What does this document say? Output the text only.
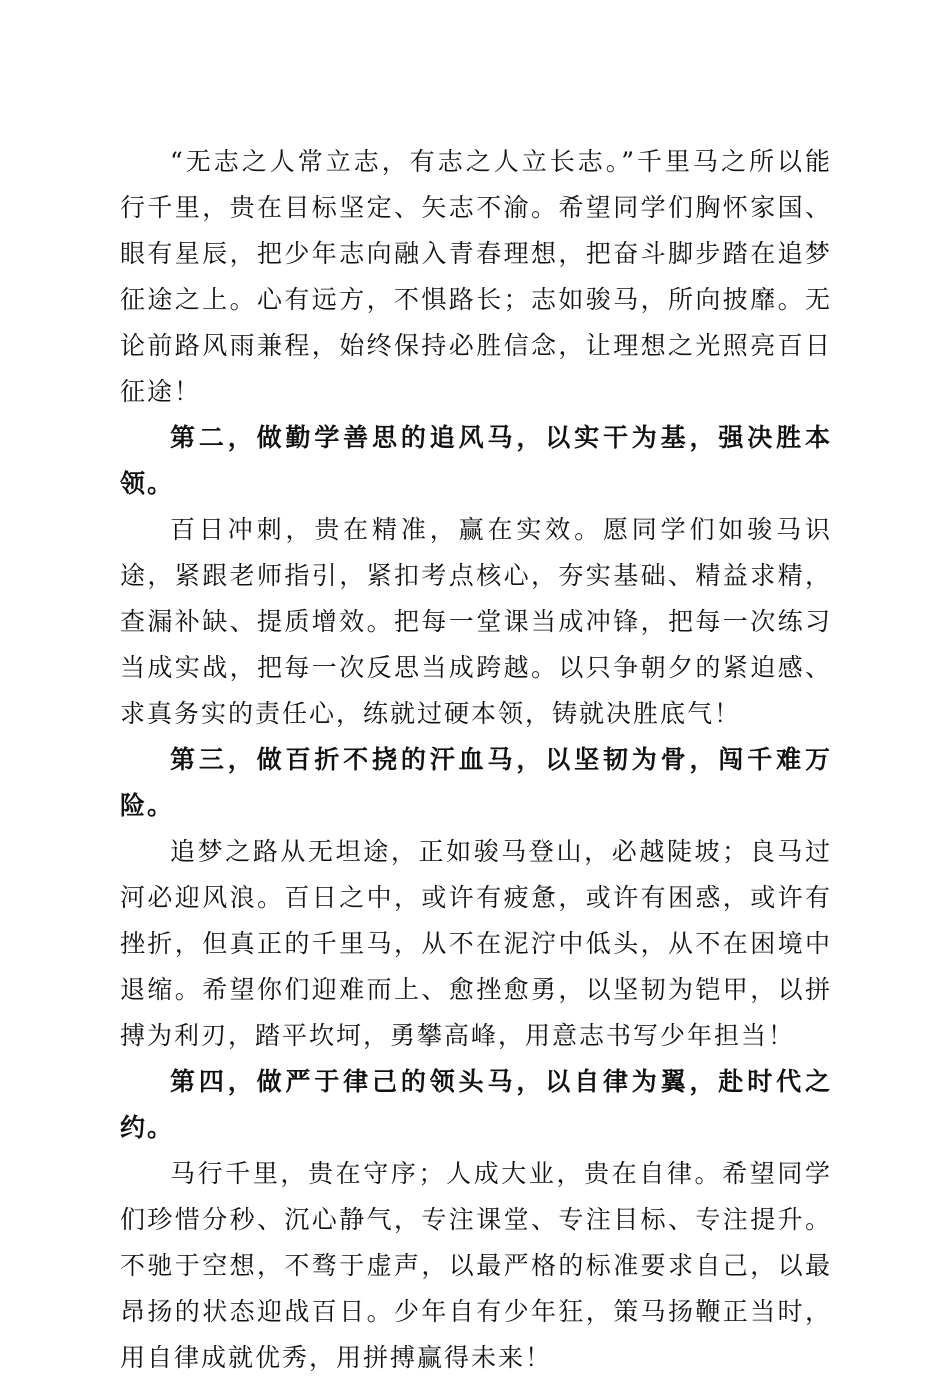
“无志之人常立志，有志之人立长志。”千里马之所以能行千里，贵在目标坚定、矢志不渝。希望同学们胸怀家国、眼有星辰，把少年志向融入青春理想，把奋斗脚步踏在追梦征途之上。心有远方，不惧路长；志如骏马，所向披靡。无论前路风雨兼程，始终保持必胜信念，让理想之光照亮百日征途！

第二，做勤学善思的追风马，以实干为基，强决胜本领。

百日冲刺，贵在精准，赢在实效。愿同学们如骏马识途，紧跟老师指引，紧扣考点核心，夯实基础、精益求精，查漏补缺、提质增效。把每一堂课当成冲锋，把每一次练习当成实战，把每一次反思当成跨越。以只争朝夕的紧迫感、求真务实的责任心，练就过硬本领，铸就决胜底气！

第三，做百折不挠的汗血马，以坚韧为骨，闯千难万险。

追梦之路从无坦途，正如骏马登山，必越陡坡；良马过河必迎风浪。百日之中，或许有疲惫，或许有困惑，或许有挫折，但真正的千里马，从不在泥泞中低头，从不在困境中退缩。希望你们迎难而上、愈挫愈勇，以坚韧为铠甲，以拼搏为利刃，踏平坎坷，勇攀高峰，用意志书写少年担当！

第四，做严于律己的领头马，以自律为翼，赴时代之约。

马行千里，贵在守序；人成大业，贵在自律。希望同学们珍惜分秒、沉心静气，专注课堂、专注目标、专注提升。不驰于空想，不骛于虚声，以最严格的标准要求自己，以最昂扬的状态迎战百日。少年自有少年狂，策马扬鞭正当时，用自律成就优秀，用拼搏赢得未来！
